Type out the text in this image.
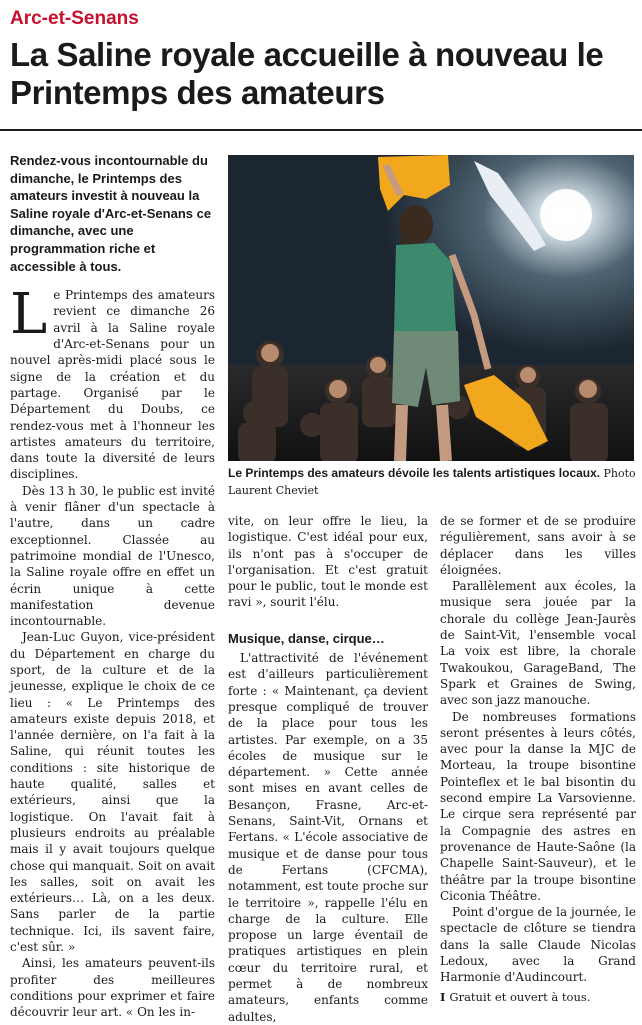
Arc-et-Senans
La Saline royale accueille à nouveau le Printemps des amateurs
Rendez-vous incontournable du dimanche, le Printemps des amateurs investit à nouveau la Saline royale d'Arc-et-Senans ce dimanche, avec une programmation riche et accessible à tous.
L e Printemps des amateurs revient ce dimanche 26 avril à la Saline royale d'Arc-et-Senans pour un nouvel après-midi placé sous le signe de la création et du partage. Organisé par le Département du Doubs, ce rendez-vous met à l'honneur les artistes amateurs du territoire, dans toute la diversité de leurs disciplines.

Dès 13 h 30, le public est invité à venir flâner d'un spectacle à l'autre, dans un cadre exceptionnel. Classée au patrimoine mondial de l'Unesco, la Saline royale offre en effet un écrin unique à cette manifestation devenue incontournable.

Jean-Luc Guyon, vice-président du Département en charge du sport, de la culture et de la jeunesse, explique le choix de ce lieu : « Le Printemps des amateurs existe depuis 2018, et l'année dernière, on l'a fait à la Saline, qui réunit toutes les conditions : site historique de haute qualité, salles et extérieurs, ainsi que la logistique. On l'avait fait à plusieurs endroits au préalable mais il y avait toujours quelque chose qui manquait. Soit on avait les salles, soit on avait les extérieurs… Là, on a les deux. Sans parler de la partie technique. Ici, ils savent faire, c'est sûr. »

Ainsi, les amateurs peuvent-ils profiter des meilleures conditions pour exprimer et faire découvrir leur art. « On les in-

Le Printemps des amateurs dévoile les talents artistiques locaux. Photo Laurent Cheviet

vite, on leur offre le lieu, la logistique. C'est idéal pour eux, ils n'ont pas à s'occuper de l'organisation. Et c'est gratuit pour le public, tout le monde est ravi », sourit l'élu.

Musique, danse, cirque…

L'attractivité de l'événement est d'ailleurs particulièrement forte : « Maintenant, ça devient presque compliqué de trouver de la place pour tous les artistes. Par exemple, on a 35 écoles de musique sur le département. » Cette année sont mises en avant celles de Besançon, Frasne, Arc-et-Senans, Saint-Vit, Ornans et Fertans. « L'école associative de musique et de danse pour tous de Fertans (CFCMA), notamment, est toute proche sur le territoire », rappelle l'élu en charge de la culture. Elle propose un large éventail de pratiques artistiques en plein cœur du territoire rural, et permet à de nombreux amateurs, enfants comme adultes,

de se former et de se produire régulièrement, sans avoir à se déplacer dans les villes éloignées.

Parallèlement aux écoles, la musique sera jouée par la chorale du collège Jean-Jaurès de Saint-Vit, l'ensemble vocal La voix est libre, la chorale Twakoukou, GarageBand, The Spark et Graines de Swing, avec son jazz manouche.

De nombreuses formations seront présentes à leurs côtés, avec pour la danse la MJC de Morteau, la troupe bisontine Pointeflex et le bal bisontin du second empire La Varsovienne. Le cirque sera représenté par la Compagnie des astres en provenance de Haute-Saône (la Chapelle Saint-Sauveur), et le théâtre par la troupe bisontine Ciconia Théâtre.

Point d'orgue de la journée, le spectacle de clôture se tiendra dans la salle Claude Nicolas Ledoux, avec la Grand Harmonie d'Audincourt.

I Gratuit et ouvert à tous.
